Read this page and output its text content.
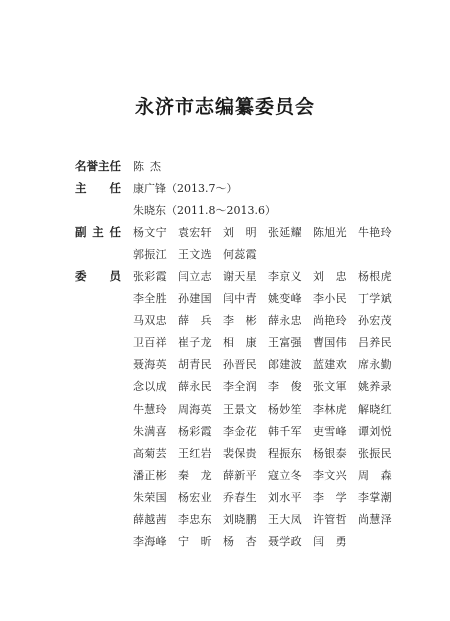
永济市志编纂委员会
名 誉 主 任 陈杰
主 任 康广锋（2013.7～）
朱晓东（2011.8～2013.6）
副 主 任 杨文宁	袁宏轩	刘　明	张延耀	陈旭光	牛艳玲
郭振江	王文选	何蕊霞
委 员 张彩霞	闫立志	谢天星	李京义	刘　忠	杨根虎
李全胜	孙建国	闫中青	姚变峰	李小民	丁学斌
马双忠	薛　兵	李　彬	薛永忠	尚艳玲	孙宏茂
卫百祥	崔子龙	相　康	王富强	曹国伟	吕养民
聂海英	胡青民	孙晋民	郎建波	蓝建欢	席永勤
念以成	薛永民	李全润	李　俊	张文軍	姚养录
牛慧玲	周海英	王景文	杨妙笙	李林虎	解晓红
朱满喜	杨彩霞	李金花	韩千军	吏雪峰	谭刘悦
高菊芸	王红岩	裴保贵	程振东	杨银泰	张振民
潘正彬	秦　龙	薛新平	寇立冬	李文兴	周　森
朱荣国	杨宏业	乔春生	刘水平	李　学	李掌潮
薛越茜	李忠东	刘晓鹏	王大凤	许管哲	尚慧泽
李海峰	宁　昕	杨　杏	聂学政	闫　勇
